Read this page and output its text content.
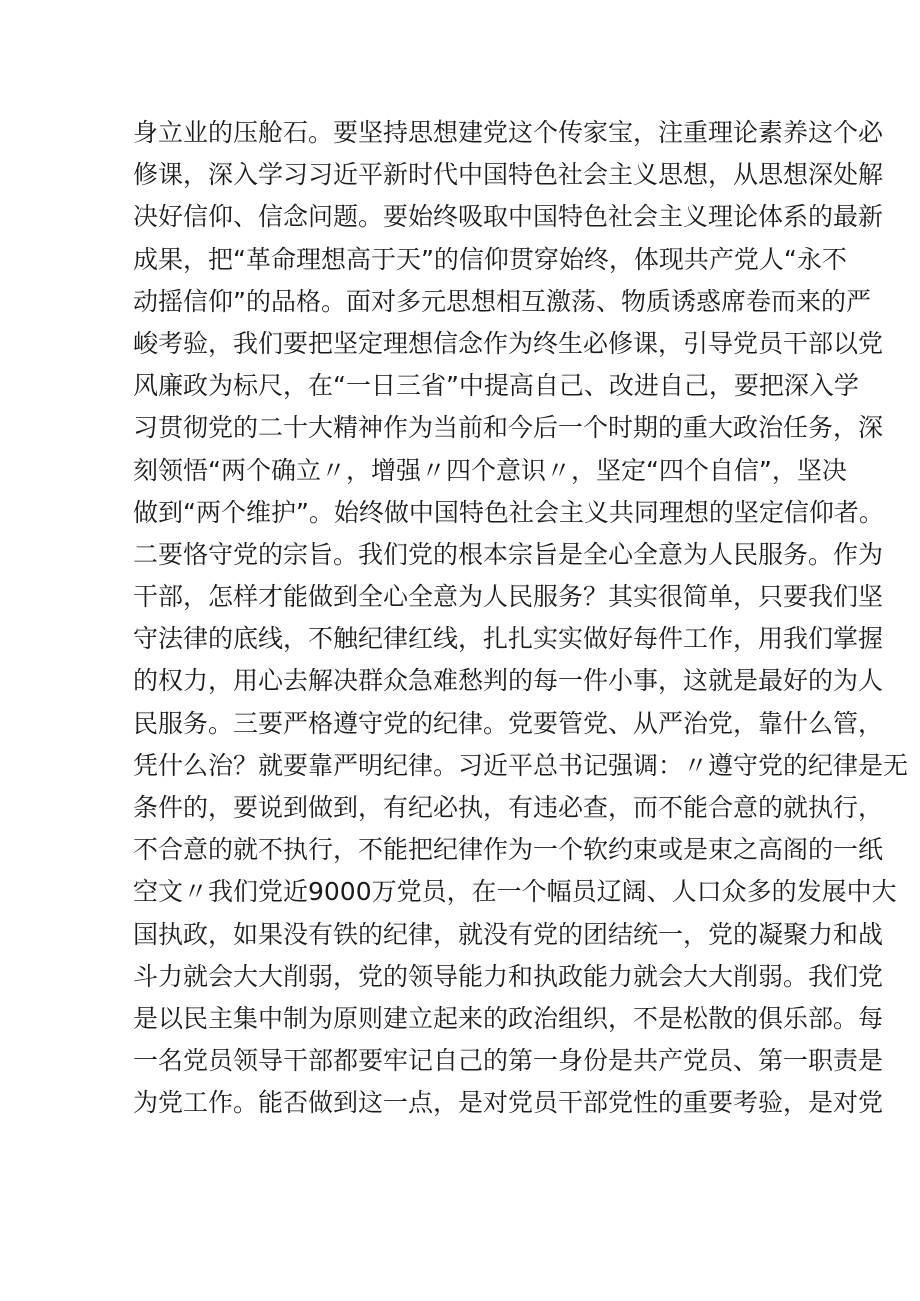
身立业的压舱石。要坚持思想建党这个传家宝，注重理论素养这个必
修课，深入学习习近平新时代中国特色社会主义思想，从思想深处解
决好信仰、信念问题。要始终吸取中国特色社会主义理论体系的最新
成果，把“革命理想高于天”的信仰贯穿始终，体现共产党人“永不
动摇信仰”的品格。面对多元思想相互激荡、物质诱惑席卷而来的严
峻考验，我们要把坚定理想信念作为终生必修课，引导党员干部以党
风廉政为标尺，在“一日三省”中提高自己、改进自己，要把深入学
习贯彻党的二十大精神作为当前和今后一个时期的重大政治任务，深
刻领悟“两个确立〃，增强〃四个意识〃，坚定“四个自信”，坚决
做到“两个维护”。始终做中国特色社会主义共同理想的坚定信仰者。
二要恪守党的宗旨。我们党的根本宗旨是全心全意为人民服务。作为
干部，怎样才能做到全心全意为人民服务？其实很简单，只要我们坚
守法律的底线，不触纪律红线，扎扎实实做好每件工作，用我们掌握
的权力，用心去解决群众急难愁判的每一件小事，这就是最好的为人
民服务。三要严格遵守党的纪律。党要管党、从严治党，靠什么管，
凭什么治？就要靠严明纪律。习近平总书记强调：〃遵守党的纪律是无
条件的，要说到做到，有纪必执，有违必查，而不能合意的就执行，
不合意的就不执行，不能把纪律作为一个软约束或是束之高阁的一纸
空文〃我们党近9000万党员，在一个幅员辽阔、人口众多的发展中大
国执政，如果没有铁的纪律，就没有党的团结统一，党的凝聚力和战
斗力就会大大削弱，党的领导能力和执政能力就会大大削弱。我们党
是以民主集中制为原则建立起来的政治组织，不是松散的俱乐部。每
一名党员领导干部都要牢记自己的第一身份是共产党员、第一职责是
为党工作。能否做到这一点，是对党员干部党性的重要考验，是对党
